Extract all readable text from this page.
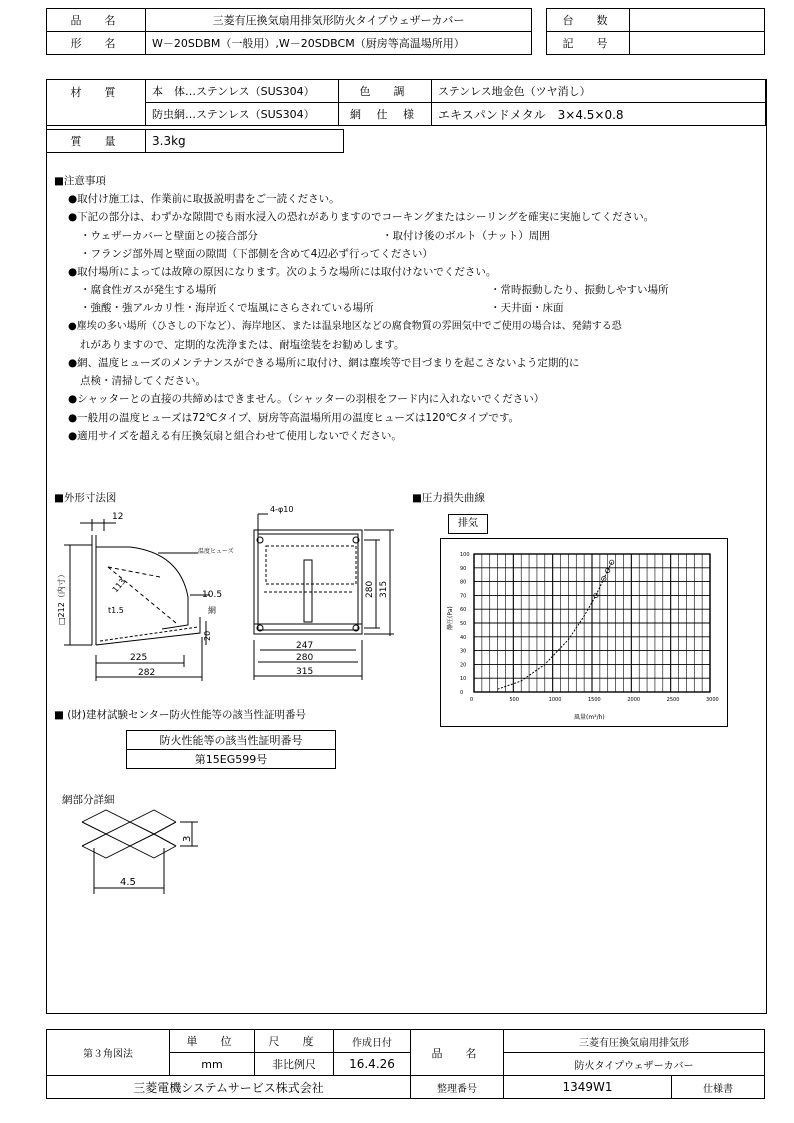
品　名	三菱有圧換気扇用排気形防火タイプウェザーカバー
形　名	W－20SDBM（一般用）,W－20SDBCM（厨房等高温場所用）
台　数	
記　号	
材　質	本　体…ステンレス（SUS304）	色　調	ステンレス地金色（ツヤ消し）
	防虫網…ステンレス（SUS304）	網 仕 様	エキスパンドメタル　3×4.5×0.8
質　量	3.3kg
■注意事項
●取付け施工は、作業前に取扱説明書をご一読ください。
●下記の部分は、わずかな隙間でも雨水浸入の恐れがありますのでコーキングまたはシーリングを確実に実施してください。
・ウェザーカバーと壁面との接合部分	・取付け後のボルト（ナット）周囲
・フランジ部外周と壁面の隙間（下部側を含めて4辺必ず行ってください）
●取付場所によっては故障の原因になります。次のような場所には取付けないでください。
・腐食性ガスが発生する場所	・常時振動したり、振動しやすい場所
・強酸・強アルカリ性・海岸近くで塩風にさらされている場所	・天井面・床面
●塵埃の多い場所（ひさしの下など）、海岸地区、または温泉地区などの腐食物質の雰囲気中でご使用の場合は、発錆する恐
れがありますので、定期的な洗浄または、耐塩塗装をお勧めします。
●網、温度ヒューズのメンテナンスができる場所に取付け、網は塵埃等で目づまりを起こさないよう定期的に
点検・清掃してください。
●シャッターとの直接の共締めはできません。（シャッターの羽根をフード内に入れないでください）
●一般用の温度ヒューズは72℃タイプ、厨房等高温場所用の温度ヒューズは120℃タイプです。
●適用サイズを超える有圧換気扇と組合わせて使用しないでください。
■外形寸法図
12
□212（内寸）	113
温度ヒューズ
10.5
網
t1.5
20
225
282
4-φ10
247
280
315
280 315
■圧力損失曲線
排気
0	500	1000	1500	2000	2500	3000
0
10
20
30
40
50
60
70
80
90
100
静圧(Pa)
風量(m³/h)
■ (財)建材試験センター防火性能等の該当性証明番号
防火性能等の該当性証明番号
第15EG599号
網部分詳細
3
4.5
第３角図法	単　位	尺　度	作成日付	品　名	三菱有圧換気扇用排気形	
	mm	非比例尺	16.4.26		防火タイプウェザーカバー	
三菱電機システムサービス株式会社				整理番号	1349W1	仕様書
